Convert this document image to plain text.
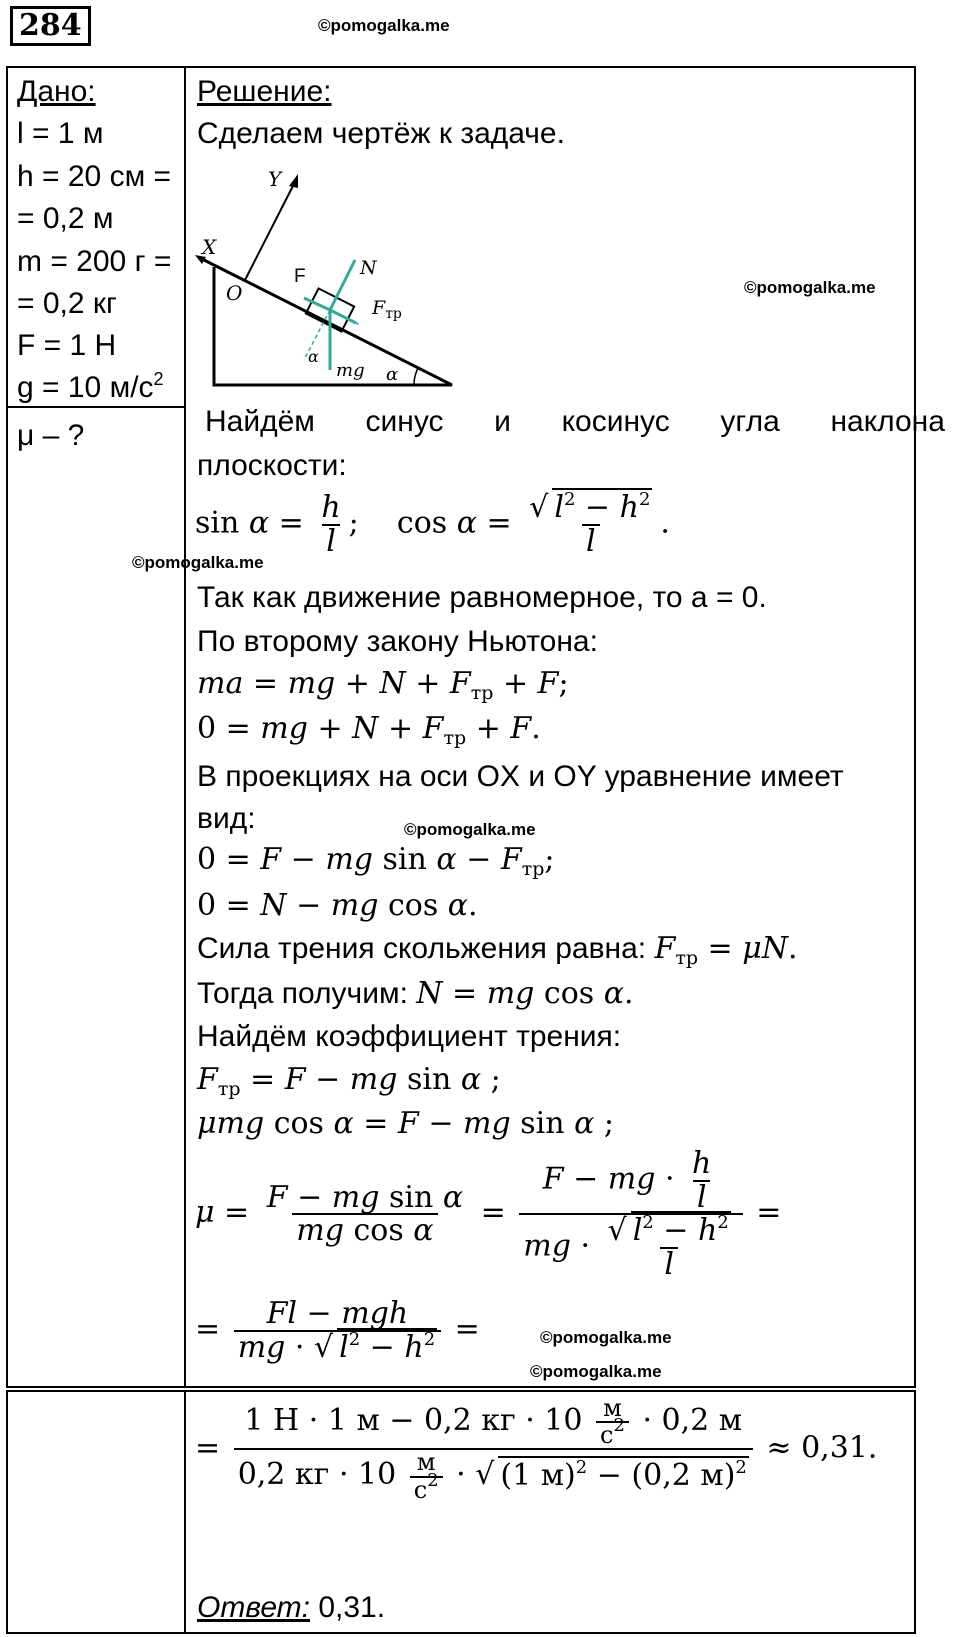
284	©pomogalka.me
Дано:
l = 1 м
h = 20 см =
= 0,2 м
m = 200 г =
= 0,2 кг
F = 1 Н
g = 10 $м/с^2$
μ – ?
Решение:
Сделаем чертёж к задаче.
Y
X
O
F	N
$F_{тр}$
mg
α
α
©pomogalka.me
Найдём синус и косинус угла наклона
плоскости:
$\sin \alpha = \frac{h}{l}$ ;    $\cos \alpha = \frac{√ l^2 - h^2}{l}$ .
©pomogalka.me
Так как движение равномерное, то a = 0.
По второму закону Ньютона:
ma = mg + $N + F_{тр} + F$;
0 = mg + $N + F_{тр} + F$.
В проекциях на оси OX и OY уравнение имеет
вид:	©pomogalka.me
0 = F − mg $\sin \alpha - F_{тр}$;
0 = N − mg cos α.
Сила трения скольжения равна: $F_{тр} = \mu N$.
Тогда получим: N = mg cos α.
Найдём коэффициент трения:
$F_{тр} = F$ − mg sin α ;
μmg cos α = F − mg sin α ;
$\mu = \frac{\text{F − mg sin α}}{\text{mg cos α}} = \frac{F - mg \cdot \frac{h}{l}}{mg \cdot \frac{√ l^2 - h^2}{l}}$ =
= $\frac{\text{Fl − mgh}}{mg \cdot √ l^2 - h^2}$ =	©pomogalka.me
©pomogalka.me
= $\frac{1 Н \cdot 1 м - 0,2 кг \cdot 10 \frac{м}{с^2} \cdot 0,2 м}{0,2 кг \cdot 10 \frac{м}{с^2} \cdot √ (1 м)^2 - (0,2 м)^2} \approx 0,31$.
Ответ: 0,31.
